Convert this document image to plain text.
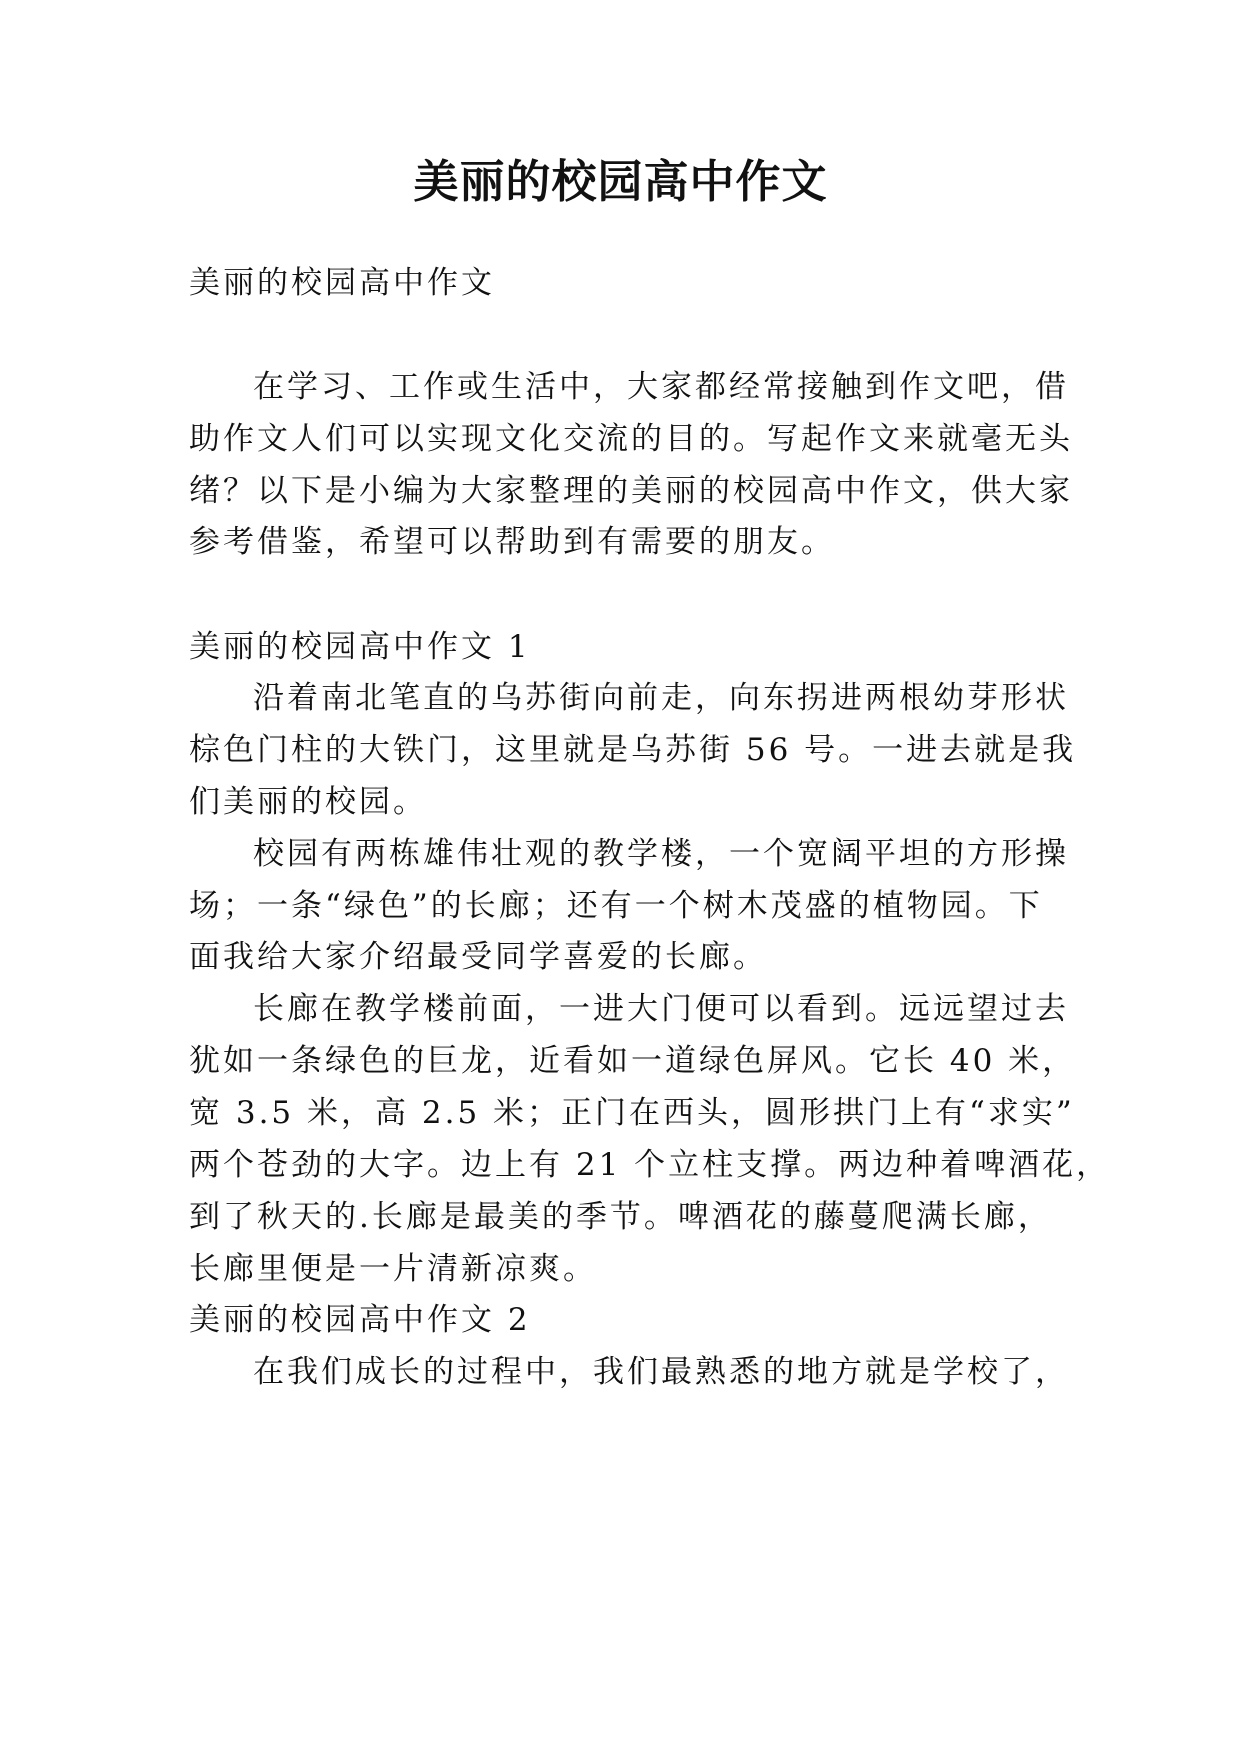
美丽的校园高中作文
美丽的校园高中作文
在学习、工作或生活中，大家都经常接触到作文吧，借
助作文人们可以实现文化交流的目的。写起作文来就毫无头
绪？以下是小编为大家整理的美丽的校园高中作文，供大家
参考借鉴，希望可以帮助到有需要的朋友。
美丽的校园高中作文 1
沿着南北笔直的乌苏街向前走，向东拐进两根幼芽形状
棕色门柱的大铁门，这里就是乌苏街 56 号。一进去就是我
们美丽的校园。
校园有两栋雄伟壮观的教学楼，一个宽阔平坦的方形操
场；一条“绿色”的长廊；还有一个树木茂盛的植物园。下
面我给大家介绍最受同学喜爱的长廊。
长廊在教学楼前面，一进大门便可以看到。远远望过去
犹如一条绿色的巨龙，近看如一道绿色屏风。它长 40 米，
宽 3.5 米，高 2.5 米；正门在西头，圆形拱门上有“求实”
两个苍劲的大字。边上有 21 个立柱支撑。两边种着啤酒花，
到了秋天的.长廊是最美的季节。啤酒花的藤蔓爬满长廊，
长廊里便是一片清新凉爽。
美丽的校园高中作文 2
在我们成长的过程中，我们最熟悉的地方就是学校了，
